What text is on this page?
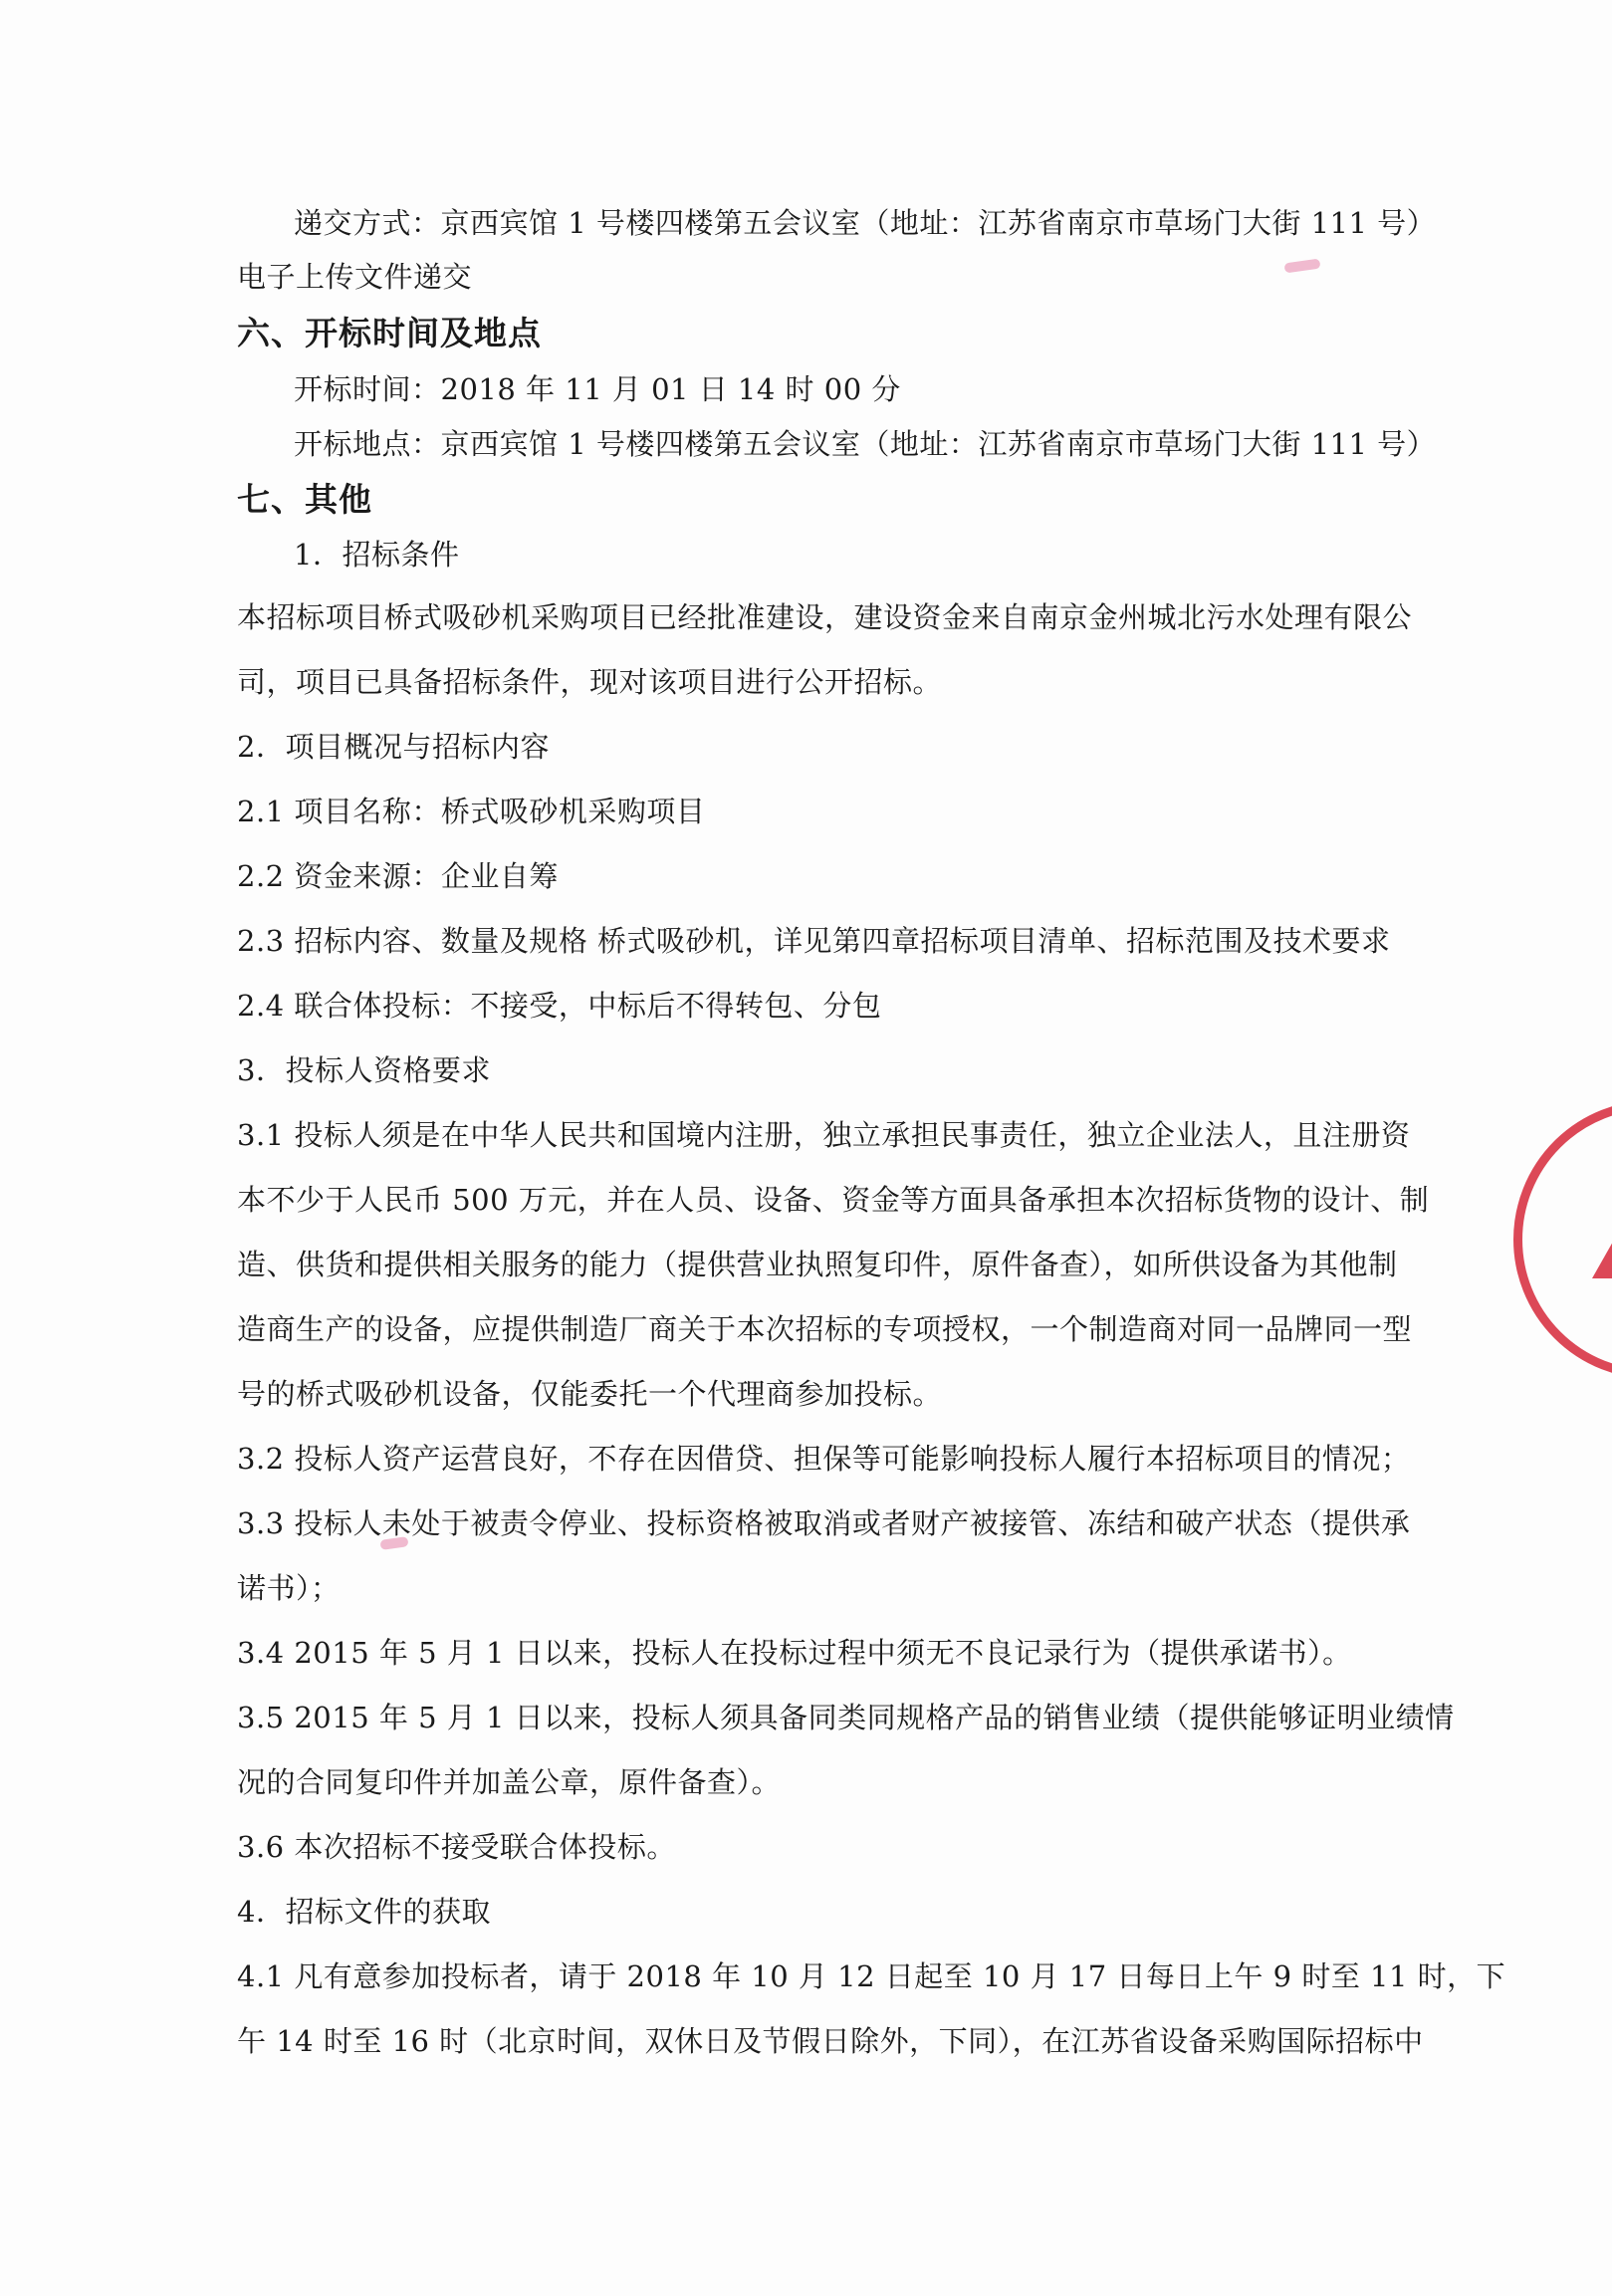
递交方式：京西宾馆 1 号楼四楼第五会议室（地址：江苏省南京市草场门大街 111 号）
电子上传文件递交
六、开标时间及地点
开标时间：2018 年 11 月 01 日 14 时 00 分
开标地点：京西宾馆 1 号楼四楼第五会议室（地址：江苏省南京市草场门大街 111 号）
七、其他
1．招标条件
本招标项目桥式吸砂机采购项目已经批准建设，建设资金来自南京金州城北污水处理有限公
司，项目已具备招标条件，现对该项目进行公开招标。
2．项目概况与招标内容
2.1 项目名称：桥式吸砂机采购项目
2.2 资金来源：企业自筹
2.3 招标内容、数量及规格 桥式吸砂机，详见第四章招标项目清单、招标范围及技术要求
2.4 联合体投标：不接受，中标后不得转包、分包
3．投标人资格要求
3.1 投标人须是在中华人民共和国境内注册，独立承担民事责任，独立企业法人，且注册资
本不少于人民币 500 万元，并在人员、设备、资金等方面具备承担本次招标货物的设计、制
造、供货和提供相关服务的能力（提供营业执照复印件，原件备查），如所供设备为其他制
造商生产的设备，应提供制造厂商关于本次招标的专项授权，一个制造商对同一品牌同一型
号的桥式吸砂机设备，仅能委托一个代理商参加投标。
3.2 投标人资产运营良好，不存在因借贷、担保等可能影响投标人履行本招标项目的情况；
3.3 投标人未处于被责令停业、投标资格被取消或者财产被接管、冻结和破产状态（提供承
诺书）；
3.4 2015 年 5 月 1 日以来，投标人在投标过程中须无不良记录行为（提供承诺书）。
3.5 2015 年 5 月 1 日以来，投标人须具备同类同规格产品的销售业绩（提供能够证明业绩情
况的合同复印件并加盖公章，原件备查）。
3.6 本次招标不接受联合体投标。
4．招标文件的获取
4.1 凡有意参加投标者，请于 2018 年 10 月 12 日起至 10 月 17 日每日上午 9 时至 11 时，下
午 14 时至 16 时（北京时间，双休日及节假日除外，下同），在江苏省设备采购国际招标中
